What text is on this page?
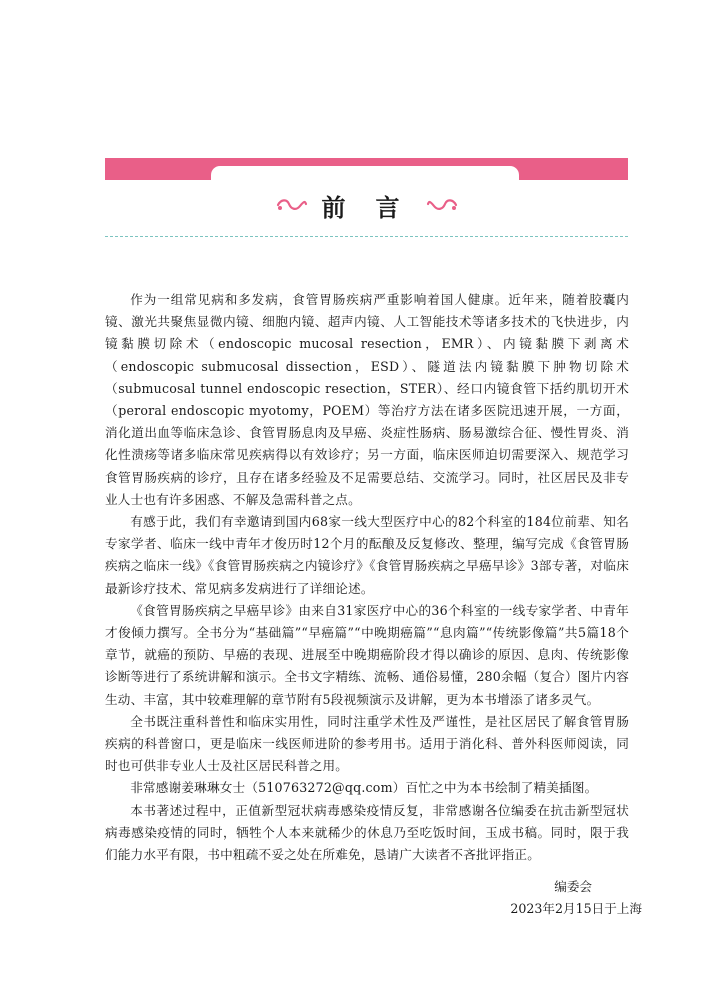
前言

作为一组常见病和多发病，食管胃肠疾病严重影响着国人健康。近年来，随着胶囊内镜、激光共聚焦显微内镜、细胞内镜、超声内镜、人工智能技术等诸多技术的飞快进步，内镜黏膜切除术（endoscopic mucosal resection，EMR）、内镜黏膜下剥离术（endoscopic submucosal dissection，ESD）、隧道法内镜黏膜下肿物切除术（submucosal tunnel endoscopic resection，STER）、经口内镜食管下括约肌切开术（peroral endoscopic myotomy，POEM）等治疗方法在诸多医院迅速开展，一方面，消化道出血等临床急诊、食管胃肠息肉及早癌、炎症性肠病、肠易激综合征、慢性胃炎、消化性溃疡等诸多临床常见疾病得以有效诊疗；另一方面，临床医师迫切需要深入、规范学习食管胃肠疾病的诊疗，且存在诸多经验及不足需要总结、交流学习。同时，社区居民及非专业人士也有许多困惑、不解及急需科普之点。

有感于此，我们有幸邀请到国内68家一线大型医疗中心的82个科室的184位前辈、知名专家学者、临床一线中青年才俊历时12个月的酝酿及反复修改、整理，编写完成《食管胃肠疾病之临床一线》《食管胃肠疾病之内镜诊疗》《食管胃肠疾病之早癌早诊》3部专著，对临床最新诊疗技术、常见病多发病进行了详细论述。

《食管胃肠疾病之早癌早诊》由来自31家医疗中心的36个科室的一线专家学者、中青年才俊倾力撰写。全书分为“基础篇”“早癌篇”“中晚期癌篇”“息肉篇”“传统影像篇”共5篇18个章节，就癌的预防、早癌的表现、进展至中晚期癌阶段才得以确诊的原因、息肉、传统影像诊断等进行了系统讲解和演示。全书文字精练、流畅、通俗易懂，280余幅（复合）图片内容生动、丰富，其中较难理解的章节附有5段视频演示及讲解，更为本书增添了诸多灵气。

全书既注重科普性和临床实用性，同时注重学术性及严谨性，是社区居民了解食管胃肠疾病的科普窗口，更是临床一线医师进阶的参考用书。适用于消化科、普外科医师阅读，同时也可供非专业人士及社区居民科普之用。

非常感谢姜琳琳女士（510763272@qq.com）百忙之中为本书绘制了精美插图。

本书著述过程中，正值新型冠状病毒感染疫情反复，非常感谢各位编委在抗击新型冠状病毒感染疫情的同时，牺牲个人本来就稀少的休息乃至吃饭时间，玉成书稿。同时，限于我们能力水平有限，书中粗疏不妥之处在所难免，恳请广大读者不吝批评指正。

编委会
2023年2月15日于上海
